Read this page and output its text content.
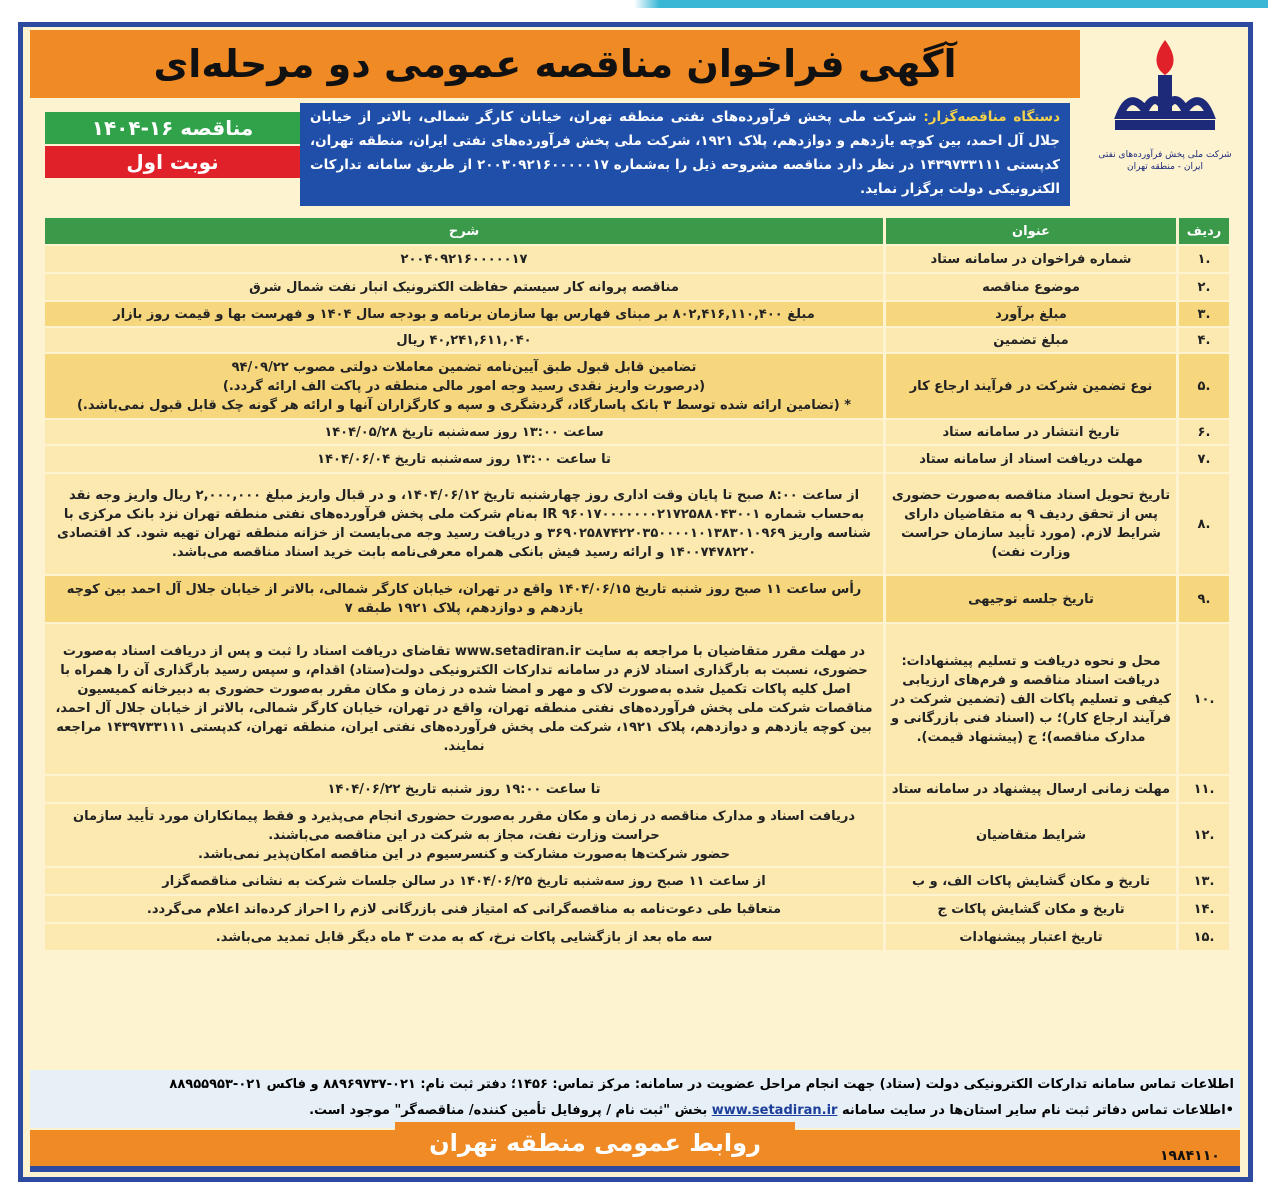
آگهی فراخوان مناقصه عمومی دو مرحله‌ای
شرکت ملی پخش فرآورده‌های نفتی ایران - منطقه تهران
دستگاه مناقصه‌گزار: شرکت ملی پخش فرآورده‌های نفتی منطقه تهران، خیابان کارگر شمالی، بالاتر از خیابان جلال آل احمد، بین کوچه یازدهم و دوازدهم، پلاک ۱۹۲۱، شرکت ملی پخش فرآورده‌های نفتی ایران، منطقه تهران، کدپستی ۱۴۳۹۷۳۳۱۱۱ در نظر دارد مناقصه مشروحه ذیل را به‌شماره ۲۰۰۳۰۹۲۱۶۰۰۰۰۰۱۷ از طریق سامانه تدارکات الکترونیکی دولت برگزار نماید.
مناقصه ۱۶-۱۴۰۴
نوبت اول
ردیف	عنوان	شرح
.۱	شماره فراخوان در سامانه ستاد	۲۰۰۴۰۹۲۱۶۰۰۰۰۰۱۷
.۲	موضوع مناقصه	مناقصه پروانه کار سیستم حفاظت الکترونیک انبار نفت شمال شرق
.۳	مبلغ برآورد	مبلغ ۸۰۲,۴۱۶,۱۱۰,۴۰۰ بر مبنای فهارس بها سازمان برنامه و بودجه سال ۱۴۰۴ و فهرست بها و قیمت روز بازار
.۴	مبلغ تضمین	۴۰,۲۴۱,۶۱۱,۰۴۰ ریال
.۵	نوع تضمین شرکت در فرآیند ارجاع کار	تضامین قابل قبول طبق آیین‌نامه تضمین معاملات دولتی مصوب ۹۴/۰۹/۲۲
(درصورت واریز نقدی رسید وجه امور مالی منطقه در پاکت الف ارائه گردد.)
* (تضامین ارائه شده توسط ۳ بانک پاسارگاد، گردشگری و سپه و کارگزاران آنها و ارائه هر گونه چک قابل قبول نمی‌باشد.)
.۶	تاریخ انتشار در سامانه ستاد	ساعت ۱۳:۰۰ روز سه‌شنبه تاریخ ۱۴۰۴/۰۵/۲۸
.۷	مهلت دریافت اسناد از سامانه ستاد	تا ساعت ۱۳:۰۰ روز سه‌شنبه تاریخ ۱۴۰۴/۰۶/۰۴
.۸	تاریخ تحویل اسناد مناقصه به‌صورت حضوری پس از تحقق ردیف ۹ به متقاضیان دارای شرایط لازم. (مورد تأیید سازمان حراست وزارت نفت)	از ساعت ۸:۰۰ صبح تا پایان وقت اداری روز چهارشنبه تاریخ ۱۴۰۴/۰۶/۱۲، و در قبال واریز مبلغ ۲,۰۰۰,۰۰۰ ریال واریز وجه نقد به‌حساب شماره IR ۹۶۰۱۷۰۰۰۰۰۰۰۲۱۷۲۵۸۸۰۴۳۰۰۱ به‌نام شرکت ملی پخش فرآورده‌های نفتی منطقه تهران نزد بانک مرکزی با شناسه واریز ۳۶۹۰۲۵۸۷۴۲۲۰۳۵۰۰۰۰۱۰۱۳۸۳۰۱۰۹۶۹ و دریافت رسید وجه می‌بایست از خزانه منطقه تهران تهیه شود. کد اقتصادی ۱۴۰۰۷۴۷۸۲۲۰ و ارائه رسید فیش بانکی همراه معرفی‌نامه بابت خرید اسناد مناقصه می‌باشد.
.۹	تاریخ جلسه توجیهی	رأس ساعت ۱۱ صبح روز شنبه تاریخ ۱۴۰۴/۰۶/۱۵ واقع در تهران، خیابان کارگر شمالی، بالاتر از خیابان جلال آل احمد بین کوچه یازدهم و دوازدهم، پلاک ۱۹۲۱ طبقه ۷
.۱۰	محل و نحوه دریافت و تسلیم پیشنهادات: دریافت اسناد مناقصه و فرم‌های ارزیابی کیفی و تسلیم پاکات الف (تضمین شرکت در فرآیند ارجاع کار)؛ ب (اسناد فنی بازرگانی و مدارک مناقصه)؛ ج (پیشنهاد قیمت).	در مهلت مقرر متقاضیان با مراجعه به سایت www.setadiran.ir تقاضای دریافت اسناد را ثبت و پس از دریافت اسناد به‌صورت حضوری، نسبت به بارگذاری اسناد لازم در سامانه تدارکات الکترونیکی دولت(ستاد) اقدام، و سپس رسید بارگذاری آن را همراه با اصل کلیه پاکات تکمیل شده به‌صورت لاک و مهر و امضا شده در زمان و مکان مقرر به‌صورت حضوری به دبیرخانه کمیسیون مناقصات شرکت ملی پخش فرآورده‌های نفتی منطقه تهران، واقع در تهران، خیابان کارگر شمالی، بالاتر از خیابان جلال آل احمد، بین کوچه یازدهم و دوازدهم، پلاک ۱۹۲۱، شرکت ملی پخش فرآورده‌های نفتی ایران، منطقه تهران، کدپستی ۱۴۳۹۷۳۳۱۱۱ مراجعه نمایند.
.۱۱	مهلت زمانی ارسال پیشنهاد در سامانه ستاد	تا ساعت ۱۹:۰۰ روز شنبه تاریخ ۱۴۰۴/۰۶/۲۲
.۱۲	شرایط متقاضیان	دریافت اسناد و مدارک مناقصه در زمان و مکان مقرر به‌صورت حضوری انجام می‌پذیرد و فقط پیمانکاران مورد تأیید سازمان حراست وزارت نفت، مجاز به شرکت در این مناقصه می‌باشند.
حضور شرکت‌ها به‌صورت مشارکت و کنسرسیوم در این مناقصه امکان‌پذیر نمی‌باشد.
.۱۳	تاریخ و مکان گشایش پاکات الف، و ب	از ساعت ۱۱ صبح روز سه‌شنبه تاریخ ۱۴۰۴/۰۶/۲۵ در سالن جلسات شرکت به نشانی مناقصه‌گزار
.۱۴	تاریخ و مکان گشایش پاکات ج	متعاقبا طی دعوت‌نامه به مناقصه‌گرانی که امتیاز فنی بازرگانی لازم را احراز کرده‌اند اعلام می‌گردد.
.۱۵	تاریخ اعتبار پیشنهادات	سه ماه بعد از بازگشایی پاکات نرخ، که به مدت ۳ ماه دیگر قابل تمدید می‌باشد.
اطلاعات تماس سامانه تدارکات الکترونیکی دولت (ستاد) جهت انجام مراحل عضویت در سامانه: مرکز تماس: ۱۴۵۶؛ دفتر ثبت نام: ۰۲۱-۸۸۹۶۹۷۳۷ و فاکس ۰۲۱-۸۸۹۵۵۹۵۳
•اطلاعات تماس دفاتر ثبت نام سایر استان‌ها در سایت سامانه www.setadiran.ir بخش "ثبت نام / پروفایل تأمین کننده/ مناقصه‌گر" موجود است.
روابط عمومی منطقه تهران	۱۹۸۴۱۱۰
